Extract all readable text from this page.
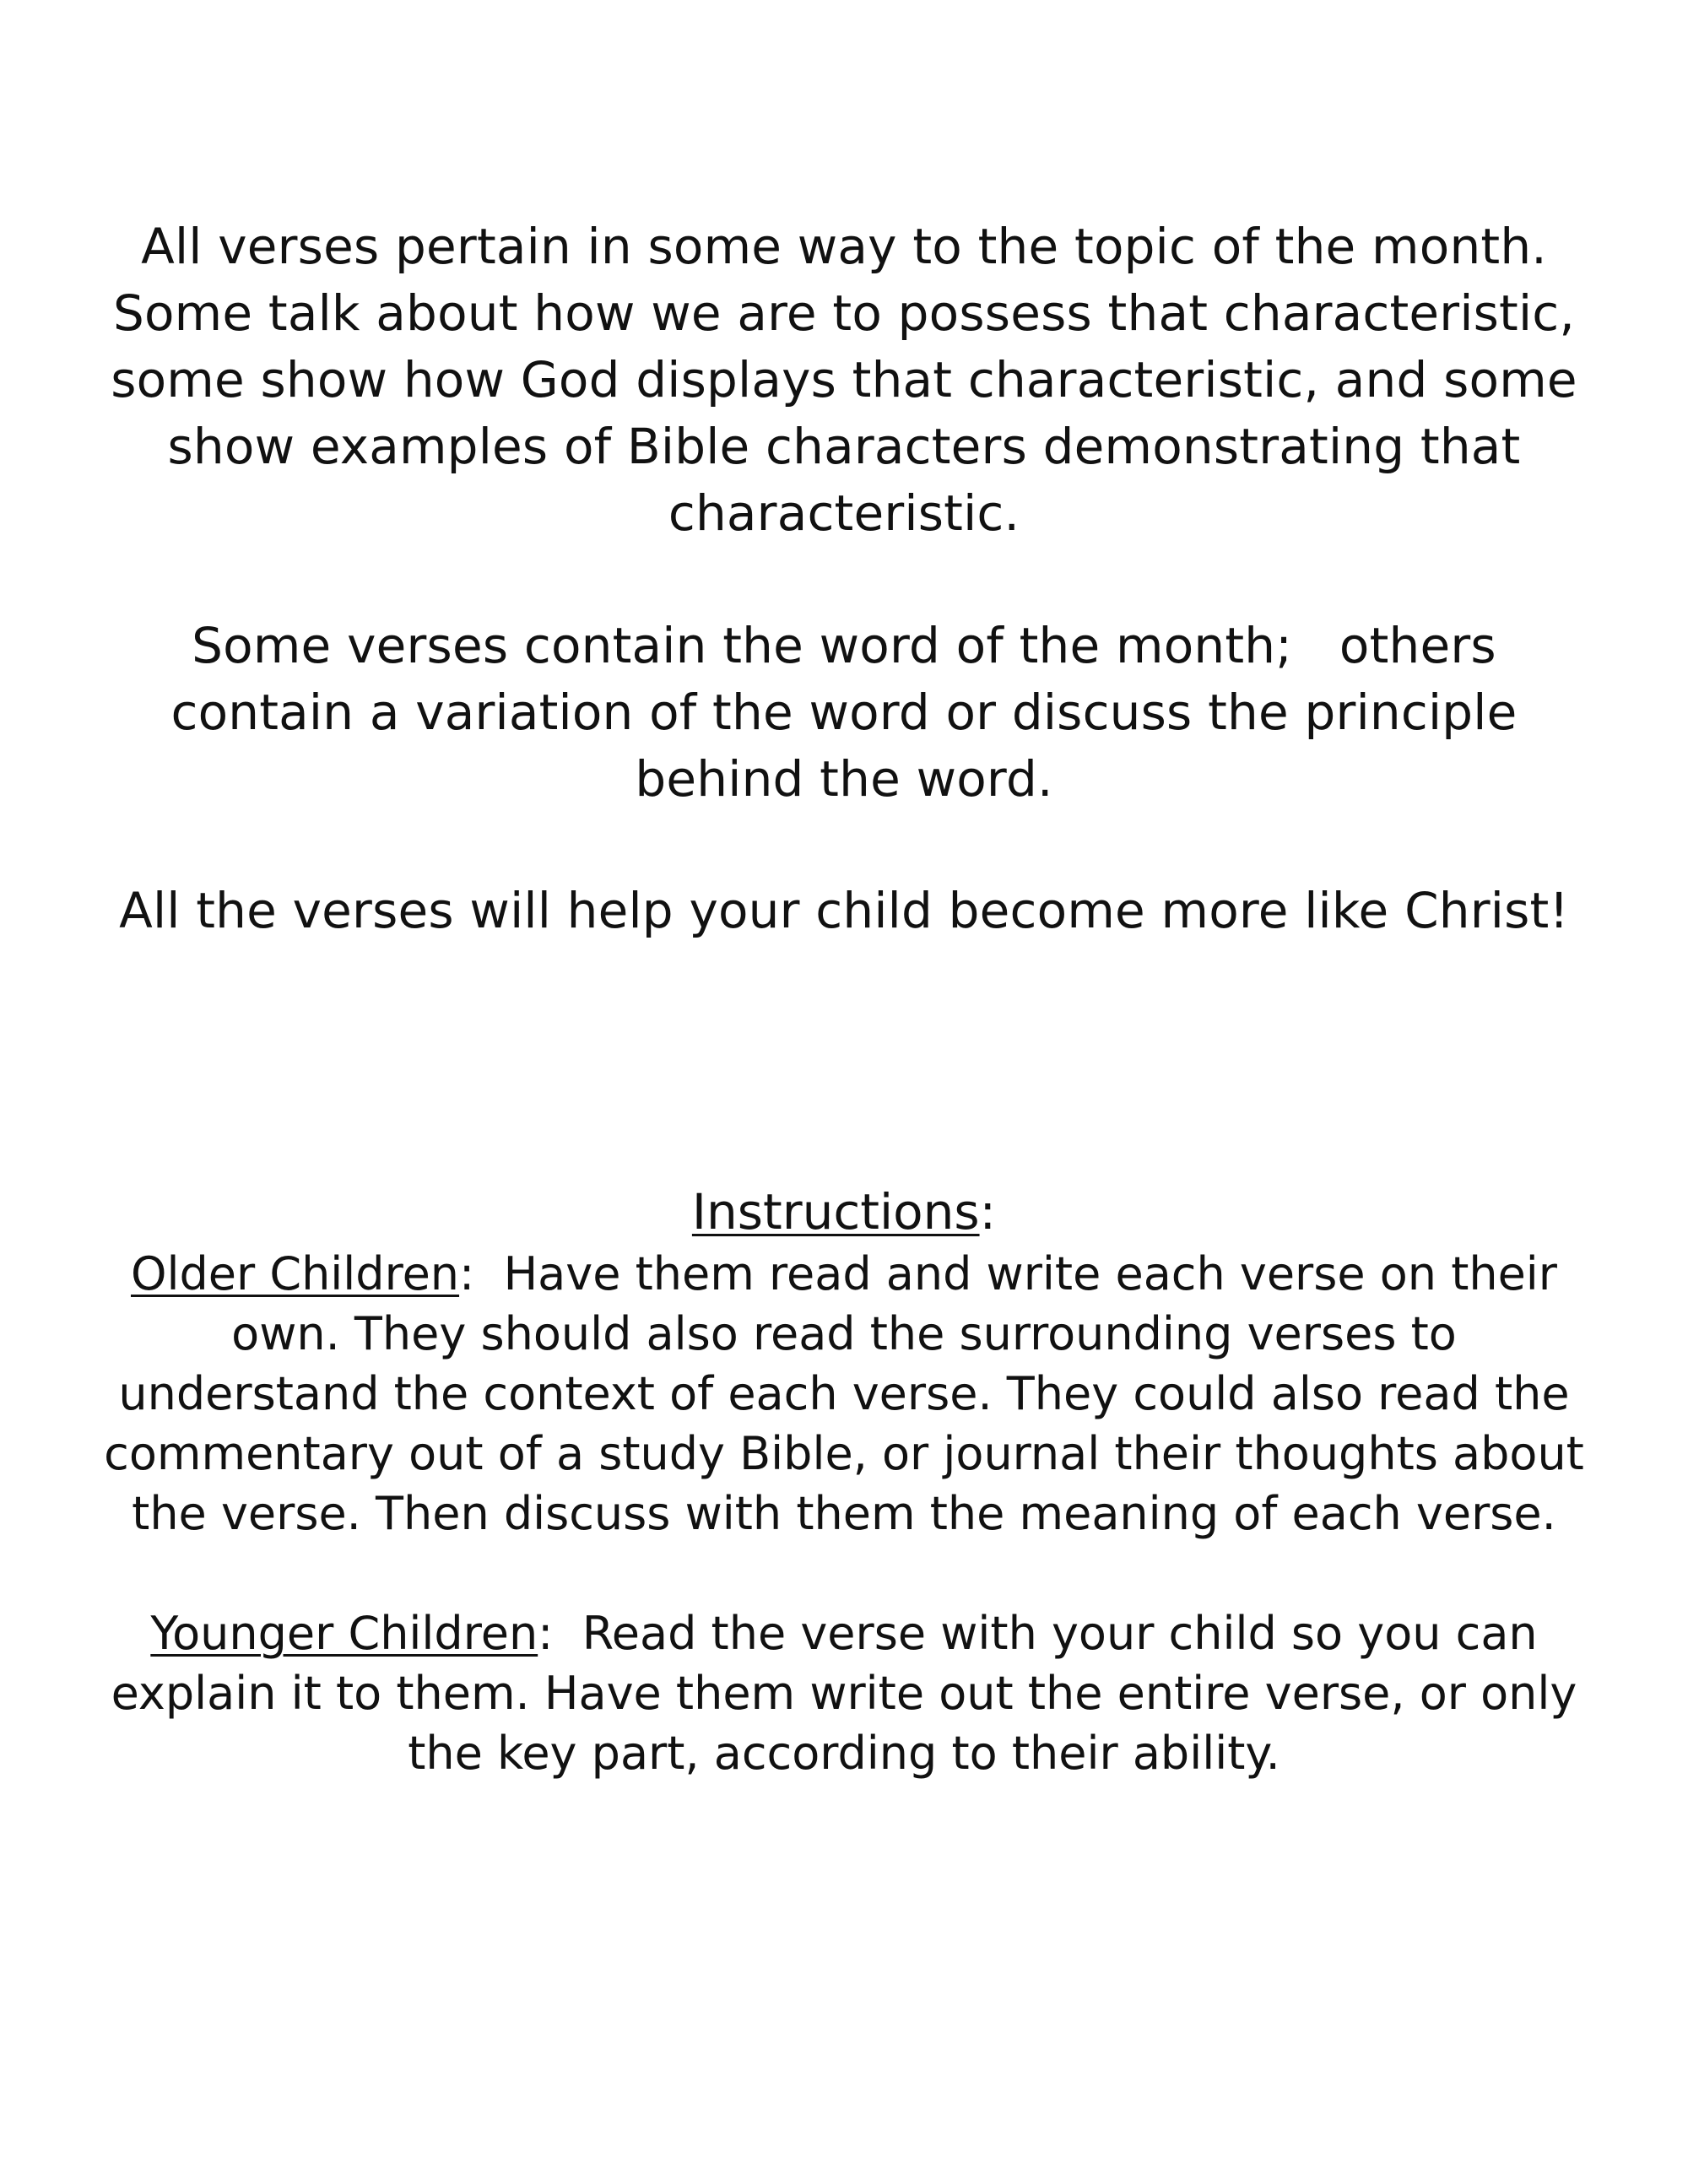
All verses pertain in some way to the topic of the month.  Some talk about how we are to possess that characteristic, some show how God displays that characteristic, and some show examples of Bible characters demonstrating that characteristic.

Some verses contain the word of the month;   others contain a variation of the word or discuss the principle behind the word.

All the verses will help your child become more like Christ!

Instructions:

Older Children:  Have them read and write each verse on their own. They should also read the surrounding verses to understand the context of each verse. They could also read the commentary out of a study Bible, or journal their thoughts about the verse. Then discuss with them the meaning of each verse.

Younger Children:  Read the verse with your child so you can explain it to them. Have them write out the entire verse, or only the key part, according to their ability.
